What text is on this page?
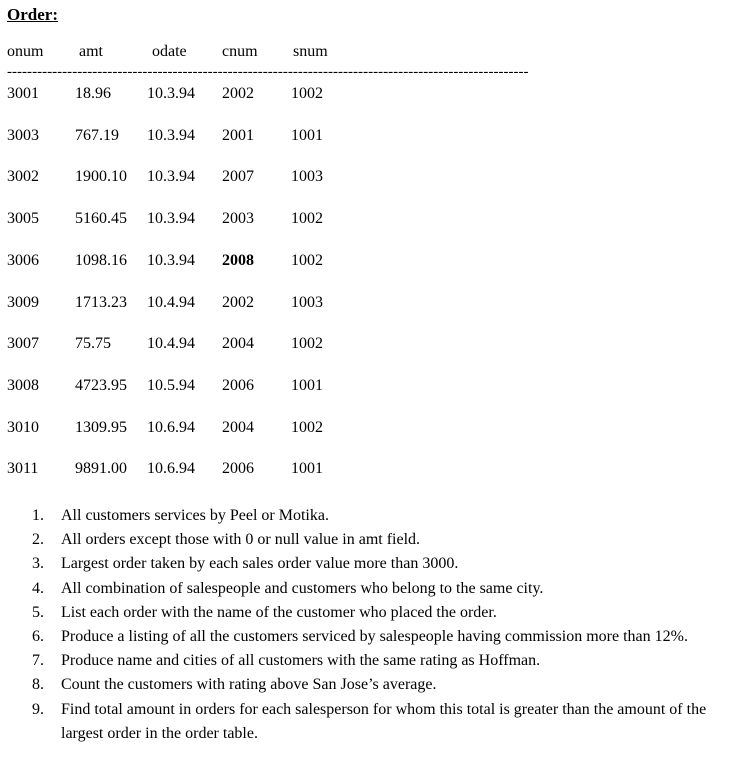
Order:
onum amt	odate cnum snum
--------------------------------------------------------------------------------------------------------
3001 18.96 10.3.94 2002 1002
3003 767.19 10.3.94 2001 1001
3002 1900.10 10.3.94 2007 1003
3005 5160.45 10.3.94 2003 1002
3006 1098.16 10.3.94 2008 1002
3009 1713.23 10.4.94 2002 1003
3007 75.75 10.4.94 2004 1002
3008 4723.95 10.5.94 2006 1001
3010 1309.95 10.6.94 2004 1002
3011 9891.00 10.6.94 2006 1001
1. All customers services by Peel or Motika.
2. All orders except those with 0 or null value in amt field.
3. Largest order taken by each sales order value more than 3000.
4. All combination of salespeople and customers who belong to the same city.
5. List each order with the name of the customer who placed the order.
6. Produce a listing of all the customers serviced by salespeople having commission more than 12%.
7. Produce name and cities of all customers with the same rating as Hoffman.
8. Count the customers with rating above San Jose’s average.
9. Find total amount in orders for each salesperson for whom this total is greater than the amount of the largest order in the order table.
